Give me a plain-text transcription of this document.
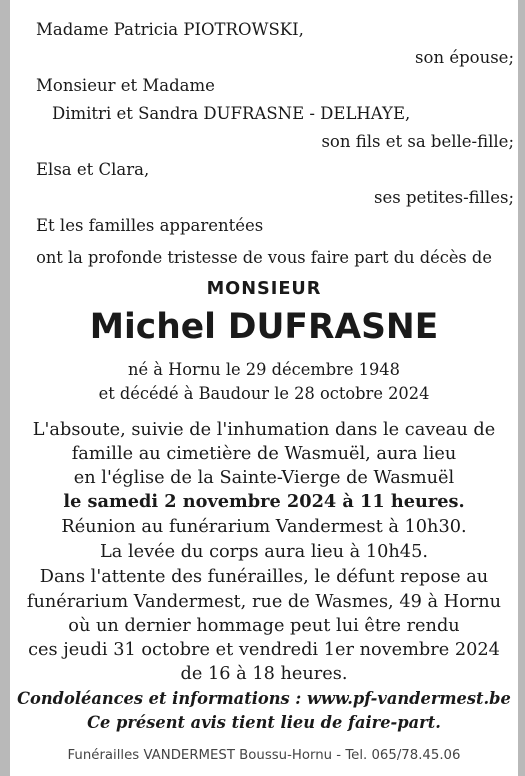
Madame Patricia PIOTROWSKI,
son épouse;
Monsieur et Madame
Dimitri et Sandra DUFRASNE - DELHAYE,
son fils et sa belle-fille;
Elsa et Clara,
ses petites-filles;
Et les familles apparentées
ont la profonde tristesse de vous faire part du décès de
MONSIEUR
Michel DUFRASNE
né à Hornu le 29 décembre 1948
et décédé à Baudour le 28 octobre 2024
L'absoute, suivie de l'inhumation dans le caveau de
famille au cimetière de Wasmuël, aura lieu
en l'église de la Sainte-Vierge de Wasmuël
le samedi 2 novembre 2024 à 11 heures.
Réunion au funérarium Vandermest à 10h30.
La levée du corps aura lieu à 10h45.
Dans l'attente des funérailles, le défunt repose au
funérarium Vandermest, rue de Wasmes, 49 à Hornu
où un dernier hommage peut lui être rendu
ces jeudi 31 octobre et vendredi 1er novembre 2024
de 16 à 18 heures.
Condoléances et informations : www.pf-vandermest.be
Ce présent avis tient lieu de faire-part.
Funérailles VANDERMEST Boussu-Hornu - Tel. 065/78.45.06
